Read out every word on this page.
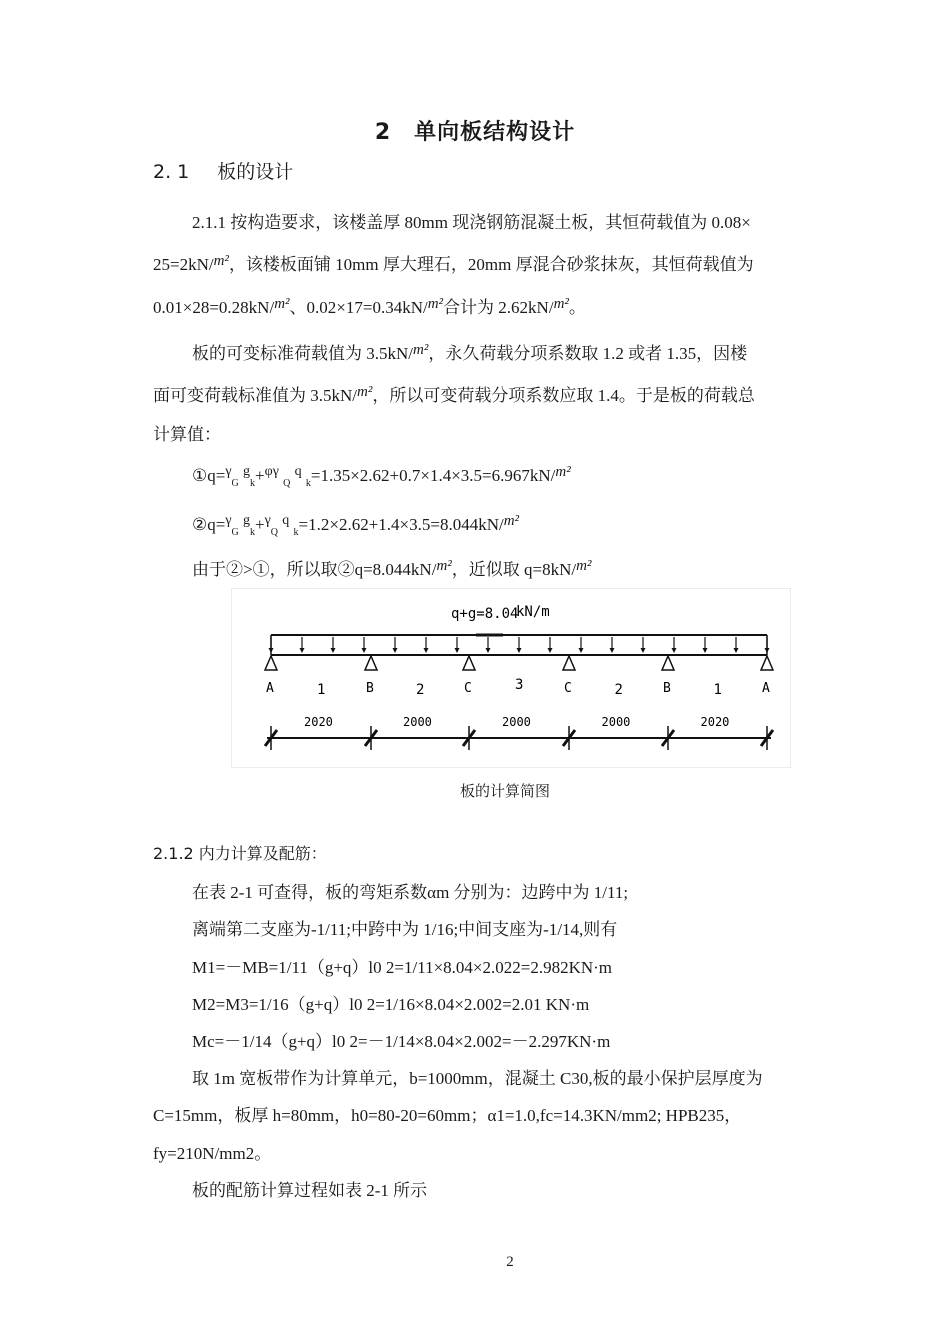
2　单向板结构设计
2. 1 板的设计
2.1.1 按构造要求，该楼盖厚 80mm 现浇钢筋混凝土板，其恒荷载值为 0.08×
25=2kN/m²，该楼板面铺 10mm 厚大理石，20mm 厚混合砂浆抹灰，其恒荷载值为
0.01×28=0.28kN/m²、0.02×17=0.34kN/m²合计为 2.62kN/m²。
板的可变标准荷载值为 3.5kN/m²，永久荷载分项系数取 1.2 或者 1.35，因楼
面可变荷载标准值为 3.5kN/m²，所以可变荷载分项系数应取 1.4。于是板的荷载总
计算值：
①q=$^\gamma_G$ $^g_k$+$^{\varphi\gamma}$ $_Q$ $^q$ $_k$=1.35×2.62+0.7×1.4×3.5=6.967kN/m²
②q=$^\gamma_G$ $^g_k$+$^\gamma_Q$ $^q$ $_k$=1.2×2.62+1.4×3.5=8.044kN/m²
由于②>①，所以取②q=8.044kN/m²，近似取 q=8kN/m²
q+g=8.04
kN/m
A	B	C	C	B	A
1
2020
2
2000
3
2000
2
2000
1
2020
板的计算简图
2.1.2 内力计算及配筋：
在表 2-1 可查得，板的弯矩系数αm 分别为：边跨中为 1/11;
离端第二支座为-1/11;中跨中为 1/16;中间支座为-1/14,则有
M1=－MB=1/11（g+q）l0 2=1/11×8.04×2.022=2.982KN·m
M2=M3=1/16（g+q）l0 2=1/16×8.04×2.002=2.01 KN·m
Mc=－1/14（g+q）l0 2=－1/14×8.04×2.002=－2.297KN·m
取 1m 宽板带作为计算单元，b=1000mm，混凝土 C30,板的最小保护层厚度为
C=15mm，板厚 h=80mm，h0=80-20=60mm；α1=1.0,fc=14.3KN/mm2; HPB235，
fy=210N/mm2。
板的配筋计算过程如表 2-1 所示
2
